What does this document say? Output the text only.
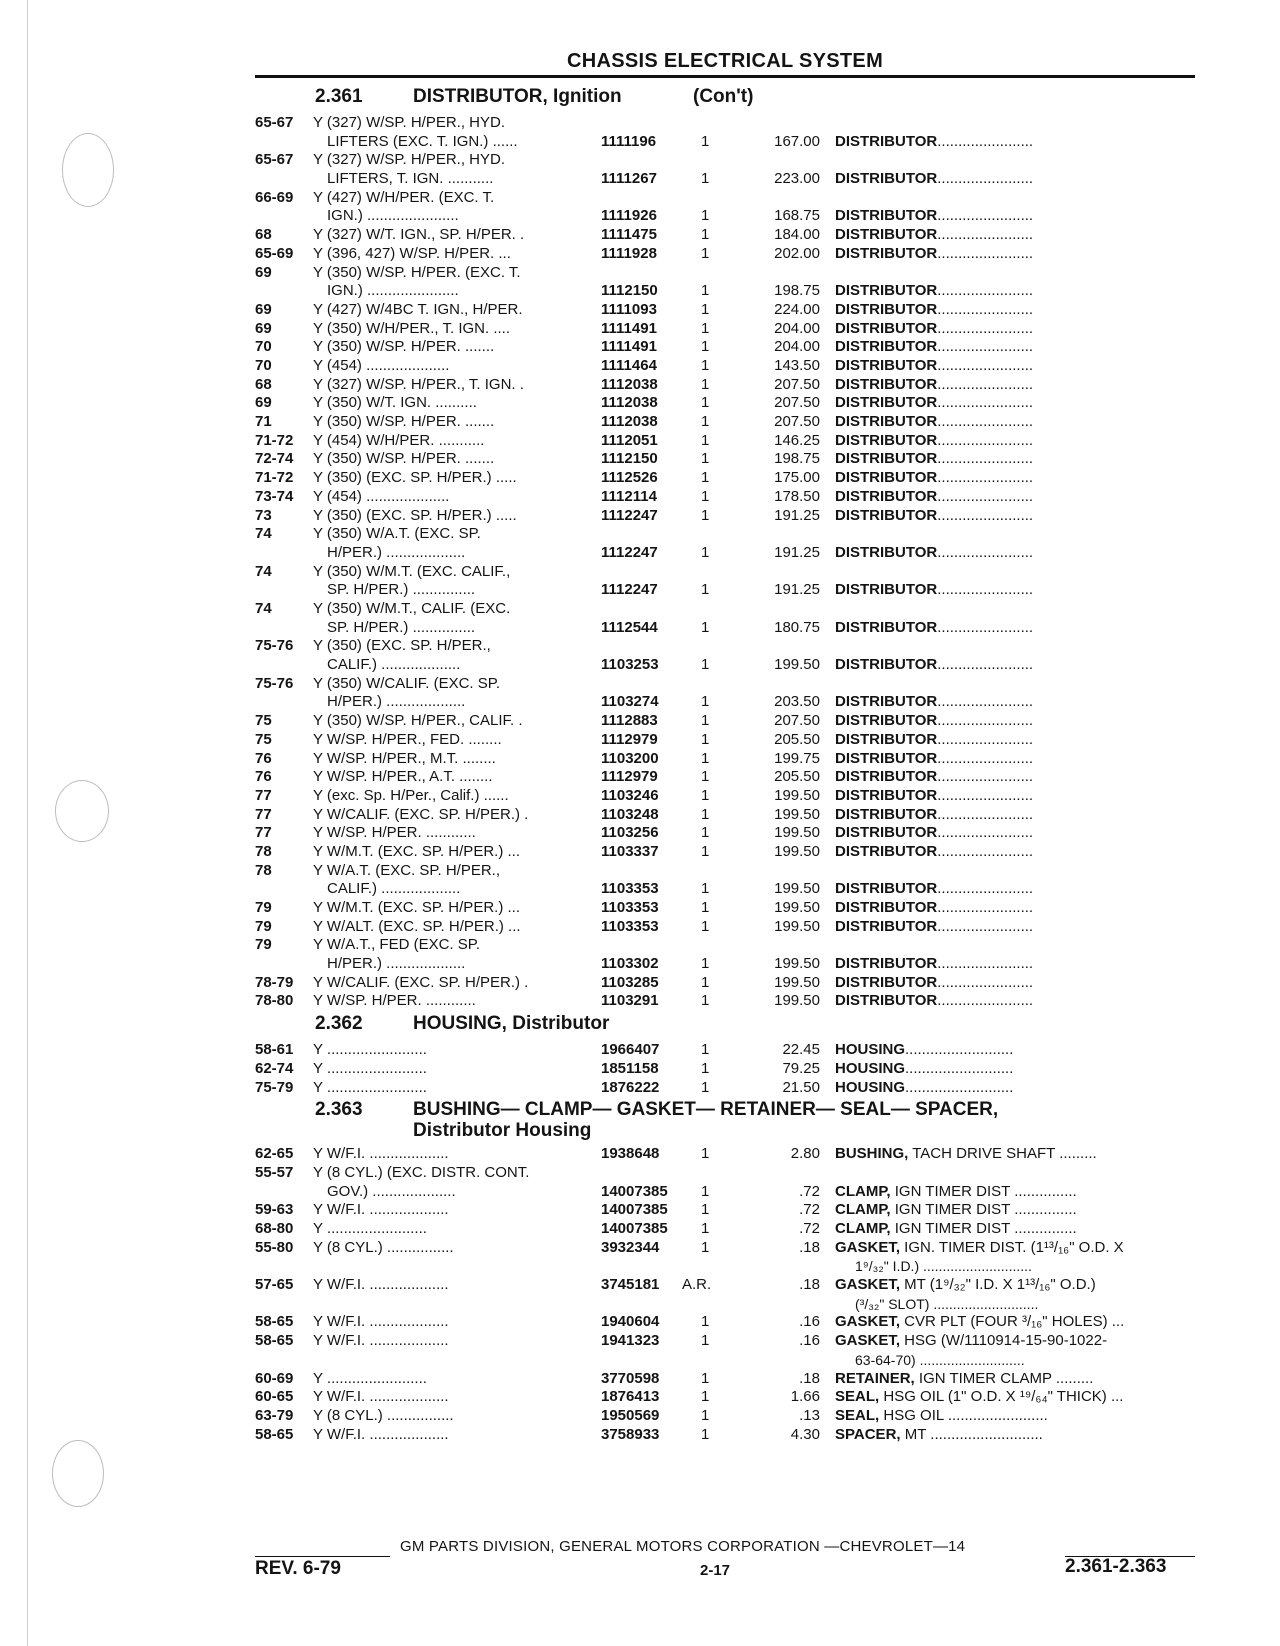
CHASSIS ELECTRICAL SYSTEM
2.361	DISTRIBUTOR, Ignition	(Con't)
65-67 Y (327) W/SP. H/PER., HYD.
LIFTERS (EXC. T. IGN.) ......	1111196	1	167.00 DISTRIBUTOR.......................
65-67 Y (327) W/SP. H/PER., HYD.
LIFTERS, T. IGN. ...........	1111267	1	223.00 DISTRIBUTOR.......................
66-69 Y (427) W/H/PER. (EXC. T.
IGN.) ......................	1111926	1	168.75 DISTRIBUTOR.......................
68	Y (327) W/T. IGN., SP. H/PER. .	1111475	1	184.00 DISTRIBUTOR.......................
65-69 Y (396, 427) W/SP. H/PER. ...	1111928	1	202.00 DISTRIBUTOR.......................
69	Y (350) W/SP. H/PER. (EXC. T.
IGN.) ......................	1112150	1	198.75 DISTRIBUTOR.......................
69	Y (427) W/4BC T. IGN., H/PER.	1111093	1	224.00 DISTRIBUTOR.......................
69	Y (350) W/H/PER., T. IGN. ....	1111491	1	204.00 DISTRIBUTOR.......................
70	Y (350) W/SP. H/PER. .......	1111491	1	204.00 DISTRIBUTOR.......................
70	Y (454) ....................	1111464	1	143.50 DISTRIBUTOR.......................
68	Y (327) W/SP. H/PER., T. IGN. .	1112038	1	207.50 DISTRIBUTOR.......................
69	Y (350) W/T. IGN. ..........	1112038	1	207.50 DISTRIBUTOR.......................
71	Y (350) W/SP. H/PER. .......	1112038	1	207.50 DISTRIBUTOR.......................
71-72 Y (454) W/H/PER. ...........	1112051	1	146.25 DISTRIBUTOR.......................
72-74 Y (350) W/SP. H/PER. .......	1112150	1	198.75 DISTRIBUTOR.......................
71-72 Y (350) (EXC. SP. H/PER.) .....	1112526	1	175.00 DISTRIBUTOR.......................
73-74 Y (454) ....................	1112114	1	178.50 DISTRIBUTOR.......................
73	Y (350) (EXC. SP. H/PER.) .....	1112247	1	191.25 DISTRIBUTOR.......................
74	Y (350) W/A.T. (EXC. SP.
H/PER.) ...................	1112247	1	191.25 DISTRIBUTOR.......................
74	Y (350) W/M.T. (EXC. CALIF.,
SP. H/PER.) ...............	1112247	1	191.25 DISTRIBUTOR.......................
74	Y (350) W/M.T., CALIF. (EXC.
SP. H/PER.) ...............	1112544	1	180.75 DISTRIBUTOR.......................
75-76 Y (350) (EXC. SP. H/PER.,
CALIF.) ...................	1103253	1	199.50 DISTRIBUTOR.......................
75-76 Y (350) W/CALIF. (EXC. SP.
H/PER.) ...................	1103274	1	203.50 DISTRIBUTOR.......................
75	Y (350) W/SP. H/PER., CALIF. .	1112883	1	207.50 DISTRIBUTOR.......................
75	Y W/SP. H/PER., FED. ........	1112979	1	205.50 DISTRIBUTOR.......................
76	Y W/SP. H/PER., M.T. ........	1103200	1	199.75 DISTRIBUTOR.......................
76	Y W/SP. H/PER., A.T. ........	1112979	1	205.50 DISTRIBUTOR.......................
77	Y (exc. Sp. H/Per., Calif.) ......	1103246	1	199.50 DISTRIBUTOR.......................
77	Y W/CALIF. (EXC. SP. H/PER.) .	1103248	1	199.50 DISTRIBUTOR.......................
77	Y W/SP. H/PER. ............	1103256	1	199.50 DISTRIBUTOR.......................
78	Y W/M.T. (EXC. SP. H/PER.) ...	1103337	1	199.50 DISTRIBUTOR.......................
78	Y W/A.T. (EXC. SP. H/PER.,
CALIF.) ...................	1103353	1	199.50 DISTRIBUTOR.......................
79	Y W/M.T. (EXC. SP. H/PER.) ...	1103353	1	199.50 DISTRIBUTOR.......................
79	Y W/ALT. (EXC. SP. H/PER.) ...	1103353	1	199.50 DISTRIBUTOR.......................
79	Y W/A.T., FED (EXC. SP.
H/PER.) ...................	1103302	1	199.50 DISTRIBUTOR.......................
78-79 Y W/CALIF. (EXC. SP. H/PER.) .	1103285	1	199.50 DISTRIBUTOR.......................
78-80 Y W/SP. H/PER. ............	1103291	1	199.50 DISTRIBUTOR.......................
2.362	HOUSING, Distributor
58-61 Y ........................	1966407	1	22.45 HOUSING..........................
62-74 Y ........................	1851158	1	79.25 HOUSING..........................
75-79 Y ........................	1876222	1	21.50 HOUSING..........................
2.363	BUSHING— CLAMP— GASKET— RETAINER— SEAL— SPACER,
Distributor Housing
62-65 Y W/F.I. ...................	1938648	1	2.80 BUSHING, TACH DRIVE SHAFT .........
55-57 Y (8 CYL.) (EXC. DISTR. CONT.
GOV.) ....................	14007385 1	.72 CLAMP, IGN TIMER DIST ...............
59-63 Y W/F.I. ...................	14007385 1	.72 CLAMP, IGN TIMER DIST ...............
68-80 Y ........................	14007385 1	.72 CLAMP, IGN TIMER DIST ...............
55-80 Y (8 CYL.) ................	3932344	1	.18 GASKET, IGN. TIMER DIST. (1¹³/₁₆" O.D. X
1⁹/₃₂" I.D.) ............................
57-65 Y W/F.I. ...................	3745181 A.R.	.18 GASKET, MT (1⁹/₃₂" I.D. X 1¹³/₁₆" O.D.)
(³/₃₂" SLOT) ...........................
58-65 Y W/F.I. ...................	1940604	1	.16 GASKET, CVR PLT (FOUR ³/₁₆" HOLES) ...
58-65 Y W/F.I. ...................	1941323	1	.16 GASKET, HSG (W/1110914-15-90-1022-
63-64-70) ...........................
60-69 Y ........................	3770598	1	.18 RETAINER, IGN TIMER CLAMP .........
60-65 Y W/F.I. ...................	1876413	1	1.66 SEAL, HSG OIL (1" O.D. X ¹⁹/₆₄" THICK) ...
63-79 Y (8 CYL.) ................	1950569	1	.13 SEAL, HSG OIL ........................
58-65 Y W/F.I. ...................	3758933	1	4.30 SPACER, MT ...........................
GM PARTS DIVISION, GENERAL MOTORS CORPORATION —CHEVROLET—14
REV. 6-79	2-17	2.361-2.363
